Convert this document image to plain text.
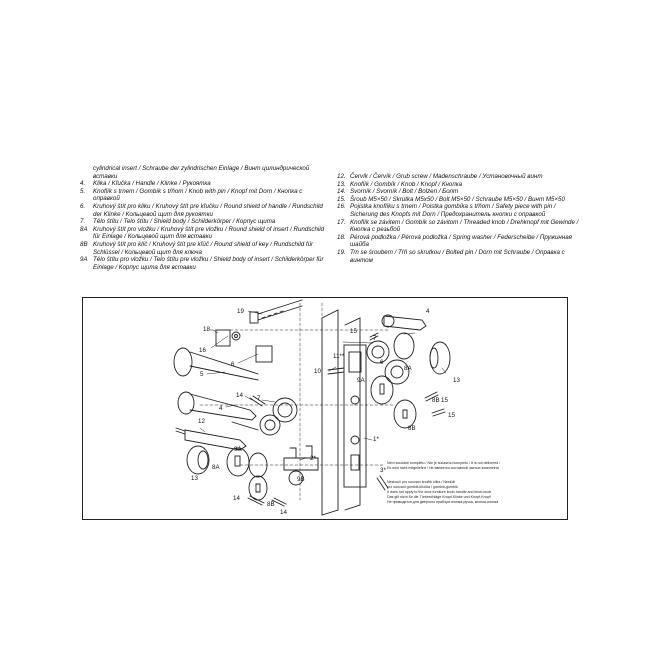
cylindrical insert / Schraube der zylindrischen Einlage / Винт цилиндрической вставки
4.	Klika / Kľučka / Handle / Klinke / Рукоятка
5.	Knoflík s trnem / Gombík s tŕňom / Knob with pin / Knopf mit Dorn / Кнопка с оправкой
6.	Kruhový štít pro kliku / Kruhový štít pre kľučku / Round shield of handle / Rundschild der Klinke / Кольцевой щит для рукоятки
7.	Tělo štítu / Telo štítu / Shield body / Schilderkörper / Корпус щита
8A Kruhový štít pro vložku / Kruhový štít pre vložku / Round shield of insert / Rundschild für Einlage / Кольцевой щит для вставки
8B Kruhový štít pro klíč / Kruhový štít pre kľúč / Round shield of key / Rundschild für Schlüssel / Кольцевой щит для ключа
9A Tělo štítu pro vložku / Telo štítu pre vložku / Shield body of insert / Schilderkörper für Einlage / Корпус щита для вставки
12. Červík / Červík / Grub screw / Madenschraube / Установочный винт
13. Knoflík / Gombík / Knob / Knopf / Кнопка
14. Svorník / Svorník / Bolt / Bolzen / Болт
15. Šroub M5×50 / Skrutka M5x50 / Bolt M5×50 / Schraube M5×50 / Винт M5×50
16. Pojistka knoflíku s trnem / Poistka gombíka s tŕňom / Safety piece with pin / Sicherung des Knopfs mit Dorn / Предохранитель кнопки с оправкой
17. Knoflík se závitem / Gombík so závitom / Threaded knob / Drehknopf mit Gewinde / Кнопка с резьбой
18. Pérová podložka / Pérová podložka / Spring washer / Federscheibe / Пружинная шайба
19. Trn se šroubem / Tŕň so skrutkou / Bolted pin / Dorn mit Schraube / Оправка с винтом
19
18
16
6
5
4
7
14
12
13
9A
8A
8B
14
2*
9B
14
15
15
15
11**
10
1*
3*
4
7
6
8A
8B
13
9A
8B
Není součástí kompletu / Nie je súčasťou kompletu / It is not delivered /
Es wird nicht mitgeliefert / Не является составной частью комплекта
Neslouží pro souvaní knoflík klika / Neslúži
pro souvani gombík-kľučka / gombík-gombík
It does not apply to the door furniture knob-handle and knob-knob
Das gilt nicht für die Türbeschläge Knopf-Klinke und Knopf-Knopf
Не приводится для дверного прибора кнопка-ручка, кнопка-кнопка
